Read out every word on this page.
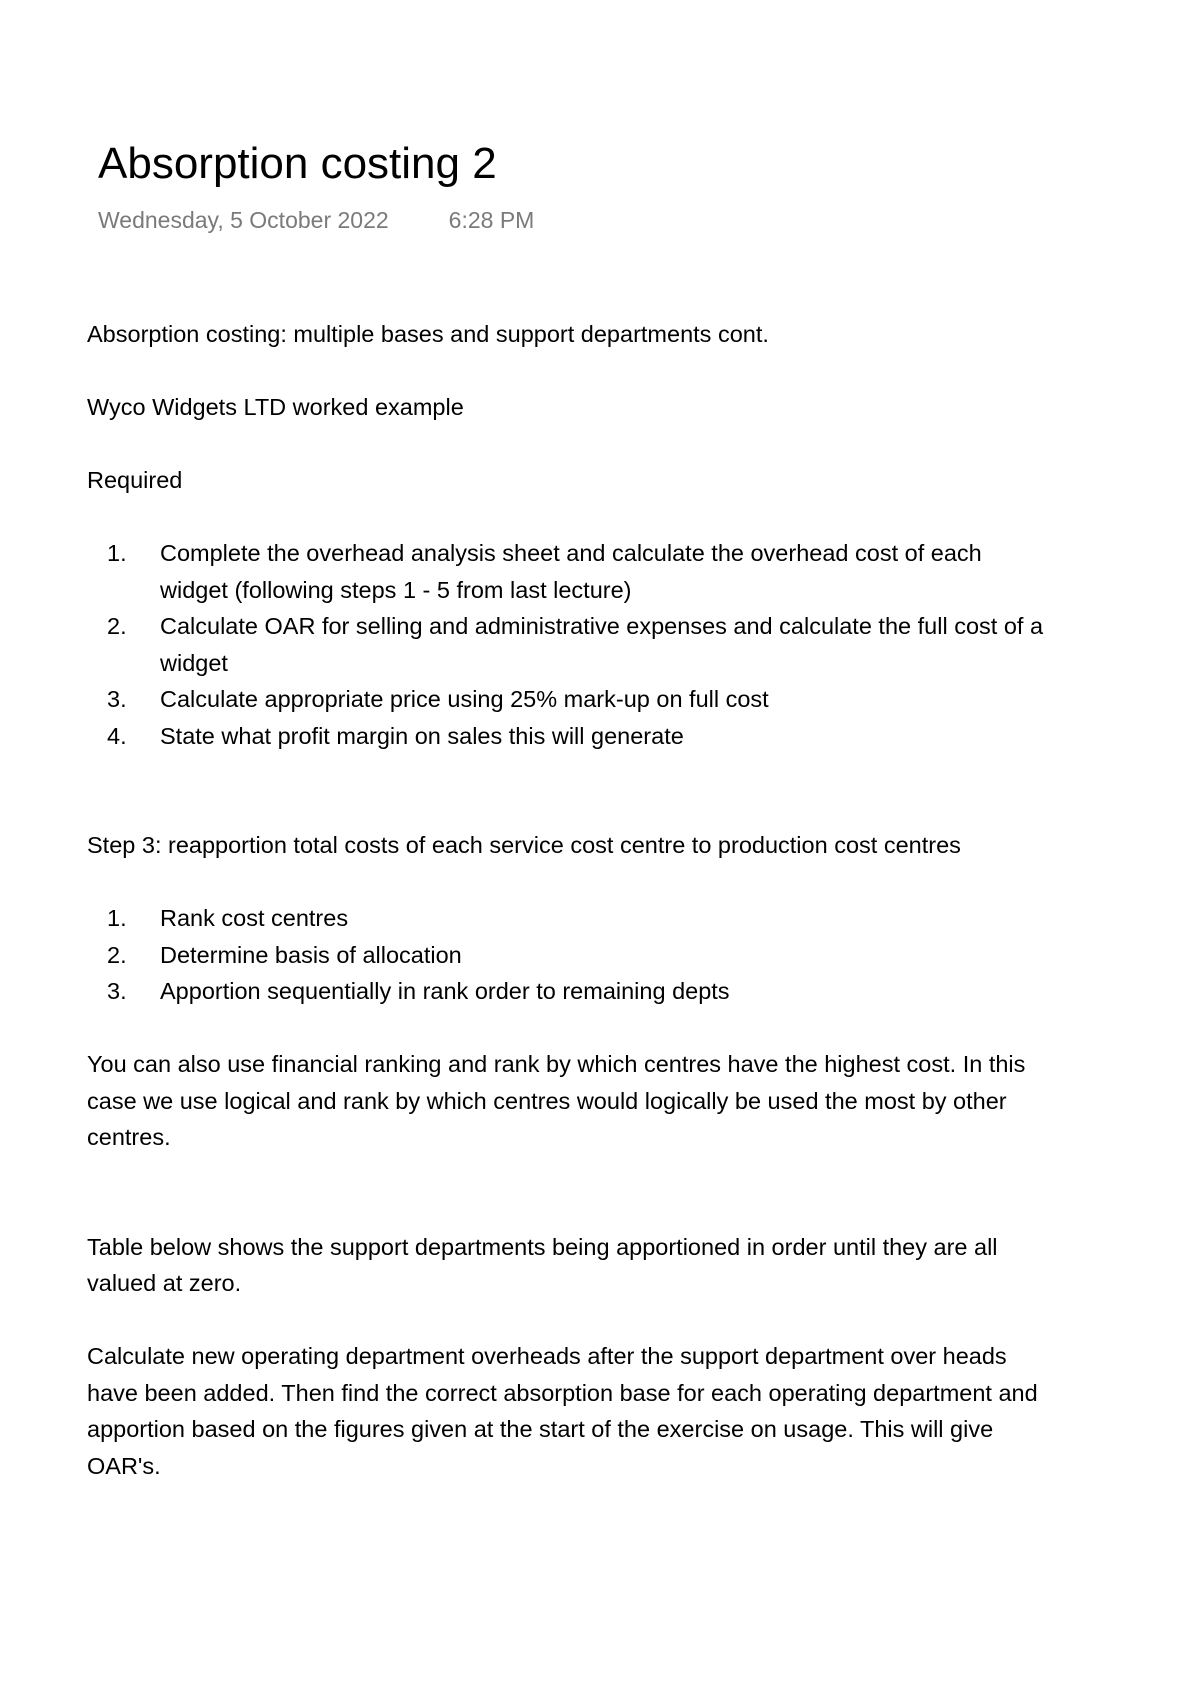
Absorption costing 2
Wednesday, 5 October 2022	6:28 PM

Absorption costing: multiple bases and support departments cont.

Wyco Widgets LTD worked example

Required

1. Complete the overhead analysis sheet and calculate the overhead cost of each widget (following steps 1 - 5 from last lecture)
2. Calculate OAR for selling and administrative expenses and calculate the full cost of a widget
3. Calculate appropriate price using 25% mark-up on full cost
4. State what profit margin on sales this will generate

Step 3: reapportion total costs of each service cost centre to production cost centres

1. Rank cost centres
2. Determine basis of allocation
3. Apportion sequentially in rank order to remaining depts

You can also use financial ranking and rank by which centres have the highest cost. In this case we use logical and rank by which centres would logically be used the most by other centres.

Table below shows the support departments being apportioned in order until they are all valued at zero.

Calculate new operating department overheads after the support department over heads have been added. Then find the correct absorption base for each operating department and apportion based on the figures given at the start of the exercise on usage. This will give OAR's.
